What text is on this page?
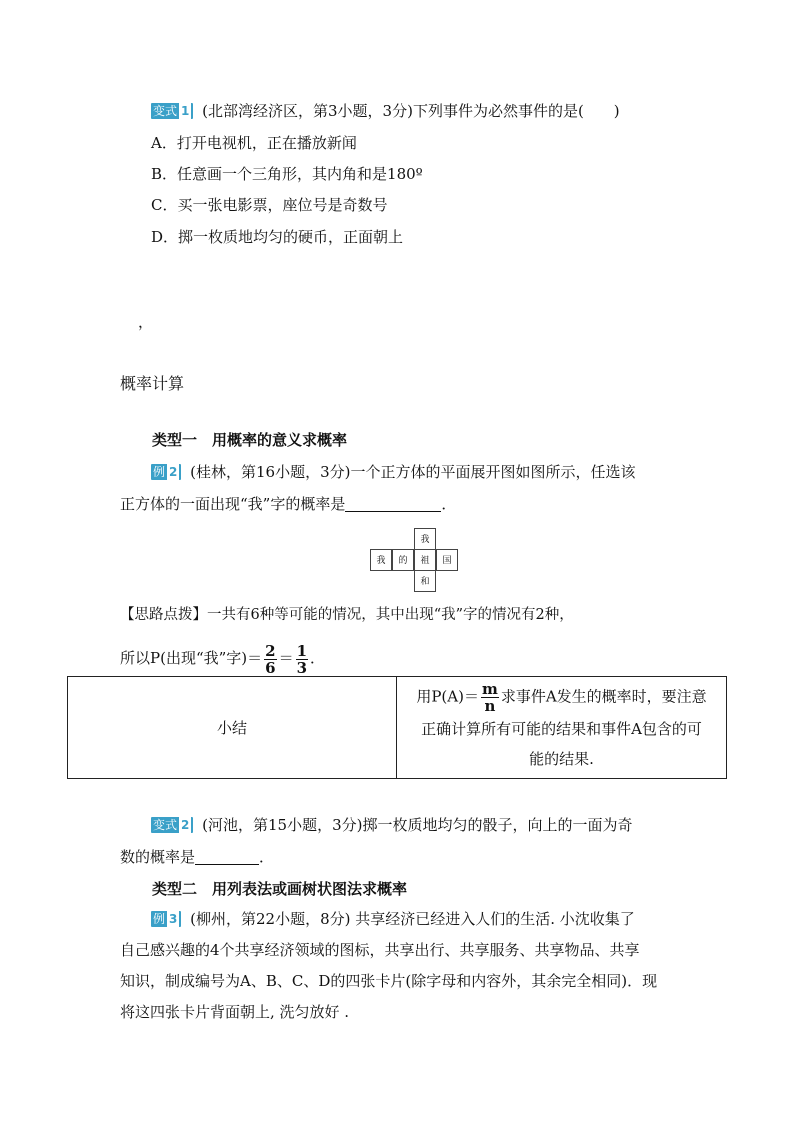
变式 1 (北部湾经济区，第3小题，3分)下列事件为必然事件的是(　　)
A．打开电视机，正在播放新闻
B．任意画一个三角形，其内角和是180º
C．买一张电影票，座位号是奇数号
D．掷一枚质地均匀的硬币，正面朝上
，
概率计算
类型一　用概率的意义求概率
例 2 (桂林，第16小题，3分)一个正方体的平面展开图如图所示，任选该
正方体的一面出现“我”字的概率是	．
我
我	的	祖	国
和
【思路点拨】一共有6种等可能的情况，其中出现“我”字的情况有2种，
所以P(出现“我”字)＝ $\frac{2}{6} = \frac{1}{3}$ ．
小结	
用$P(A)= \frac{m}{n}$ 求事件A发生的概率时，要注意
正确计算所有可能的结果和事件A包含的可
能的结果.
变式 2 (河池，第15小题，3分)掷一枚质地均匀的骰子，向上的一面为奇
数的概率是	．
类型二　用列表法或画树状图法求概率
例 3 (柳州，第22小题，8分) 共享经济已经进入人们的生活. 小沈收集了
自己感兴趣的4个共享经济领域的图标，共享出行、共享服务、共享物品、共享
知识，制成编号为A、B、C、D的四张卡片(除字母和内容外，其余完全相同)．现
将这四张卡片背面朝上, 洗匀放好 .
